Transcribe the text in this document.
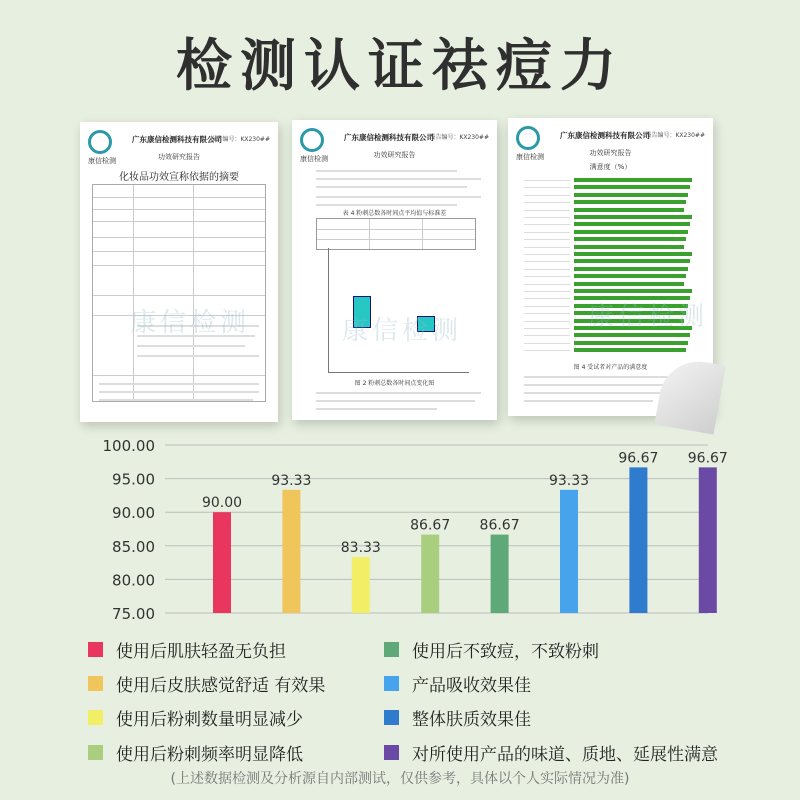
检测认证祛痘力
康信检测
广东康信检测科技有限公司
报告编号：KX230##
功效研究报告
化妆品功效宣称依据的摘要
康信检测
康信检测
广东康信检测科技有限公司
报告编号：KX230##
功效研究报告
表 4 粉刺总数各时间点平均值与标准差
图 2 粉刺总数各时间点变化图
康信检测
康信检测
广东康信检测科技有限公司
报告编号：KX230##
功效研究报告
满意度（%）
图 4 受试者对产品的满意度
康信检测
75.00
80.00
85.00
90.00
95.00
100.00
90.00
93.33
83.33
86.67 86.67
93.33
96.67 96.67
使用后肌肤轻盈无负担
使用后皮肤感觉舒适 有效果
使用后粉刺数量明显减少
使用后粉刺频率明显降低
使用后不致痘，不致粉刺
产品吸收效果佳
整体肤质效果佳
对所使用产品的味道、质地、延展性满意
(上述数据检测及分析源自内部测试，仅供参考，具体以个人实际情况为准)
